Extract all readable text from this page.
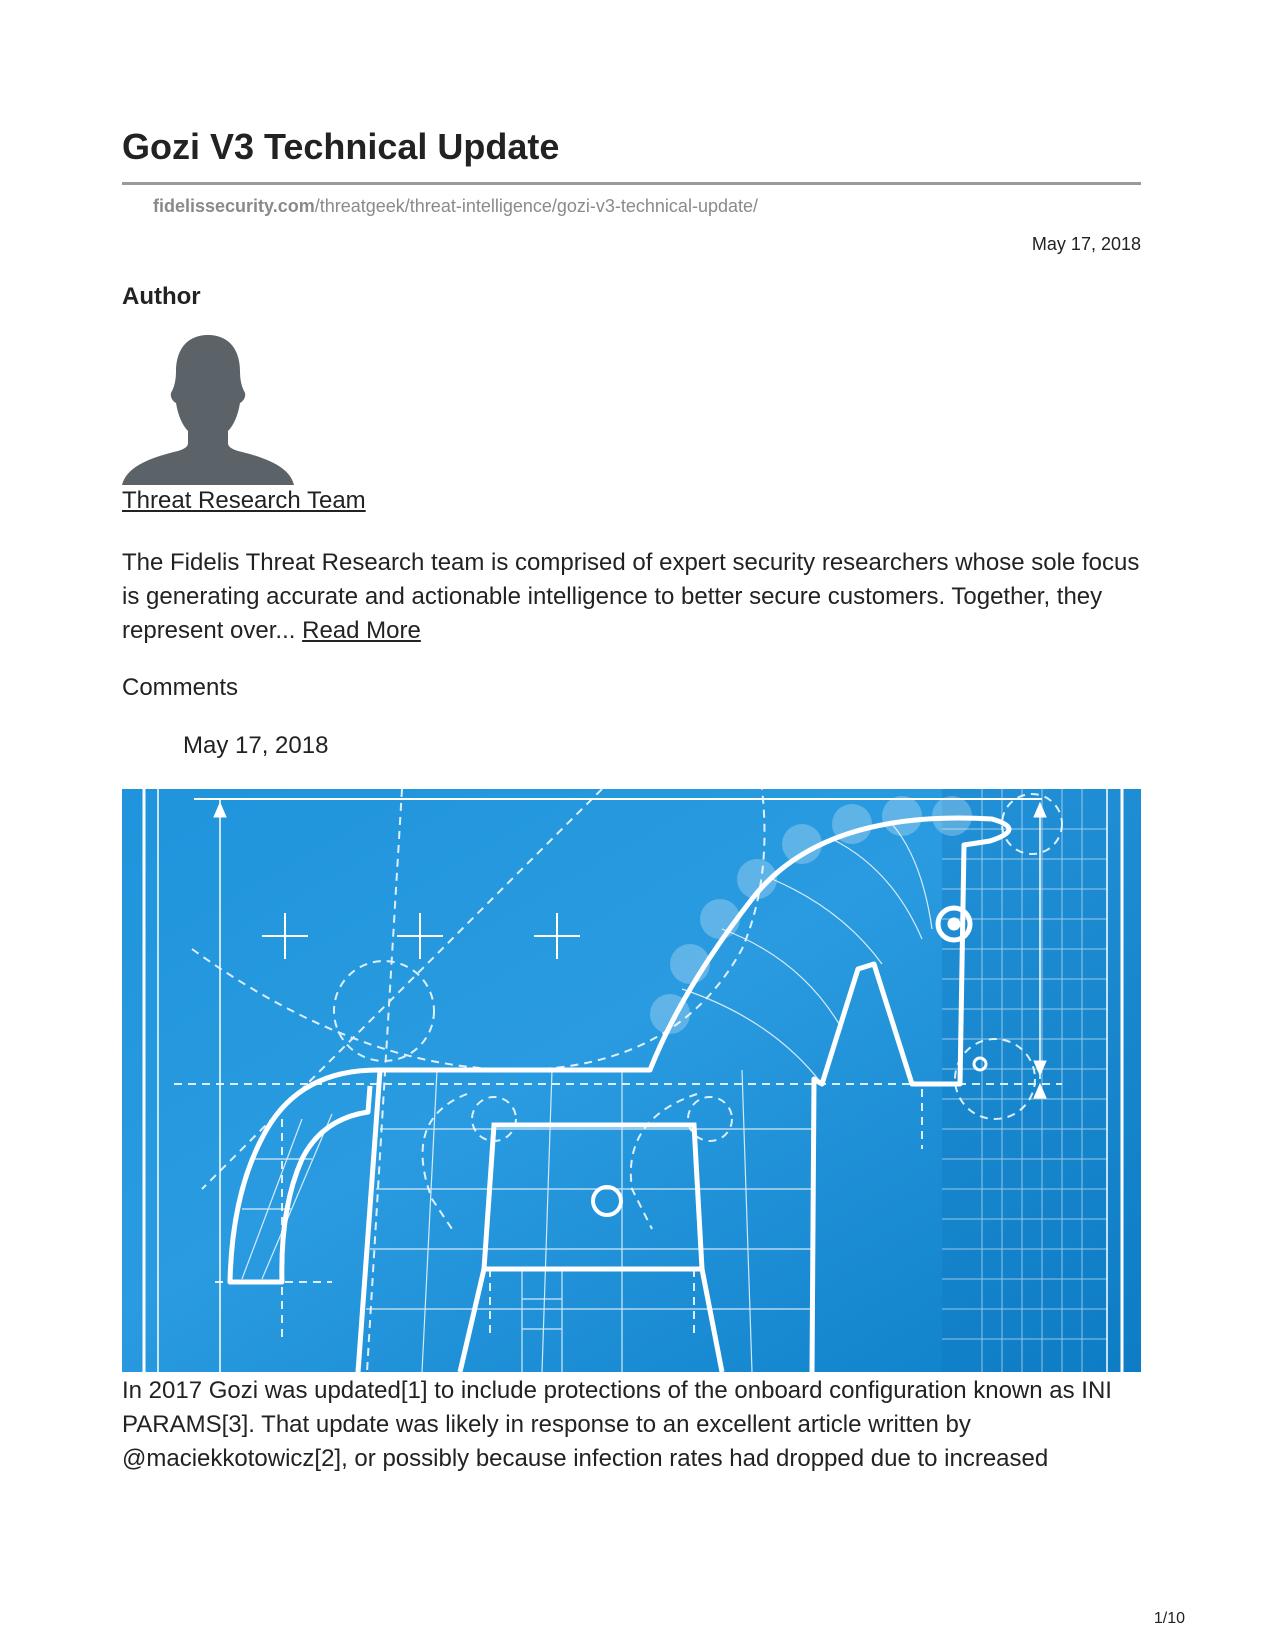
Gozi V3 Technical Update
fidelissecurity.com/threatgeek/threat-intelligence/gozi-v3-technical-update/
May 17, 2018
Author
Threat Research Team
The Fidelis Threat Research team is comprised of expert security researchers whose sole focus is generating accurate and actionable intelligence to better secure customers. Together, they represent over... Read More
Comments
May 17, 2018
In 2017 Gozi was updated[1] to include protections of the onboard configuration known as INI PARAMS[3]. That update was likely in response to an excellent article written by @maciekkotowicz[2], or possibly because infection rates had dropped due to increased
1/10
